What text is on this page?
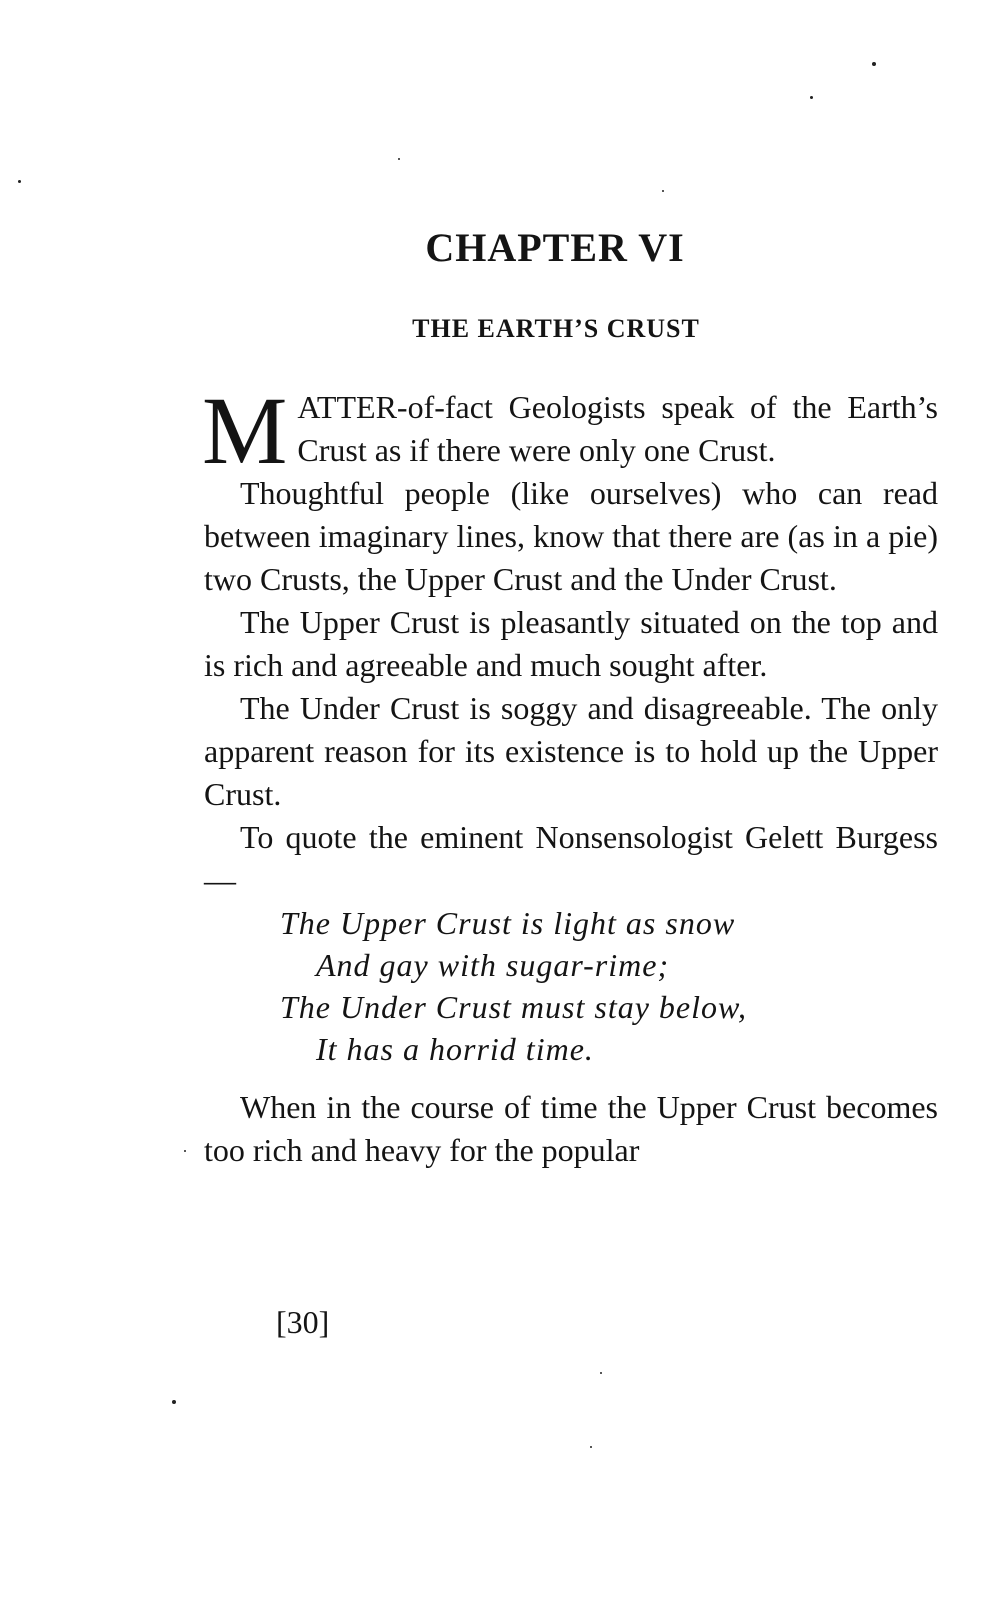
CHAPTER VI
THE EARTH’S CRUST

MATTER-of-fact Geologists speak of the Earth’s Crust as if there were only one Crust.

Thoughtful people (like ourselves) who can read between imaginary lines, know that there are (as in a pie) two Crusts, the Upper Crust and the Under Crust.

The Upper Crust is pleasantly situated on the top and is rich and agreeable and much sought after.

The Under Crust is soggy and disagreeable. The only apparent reason for its existence is to hold up the Upper Crust.

To quote the eminent Nonsensologist Gelett Burgess—

The Upper Crust is light as snow
And gay with sugar-rime;
The Under Crust must stay below,
It has a horrid time.

When in the course of time the Upper Crust becomes too rich and heavy for the popular

[30]
